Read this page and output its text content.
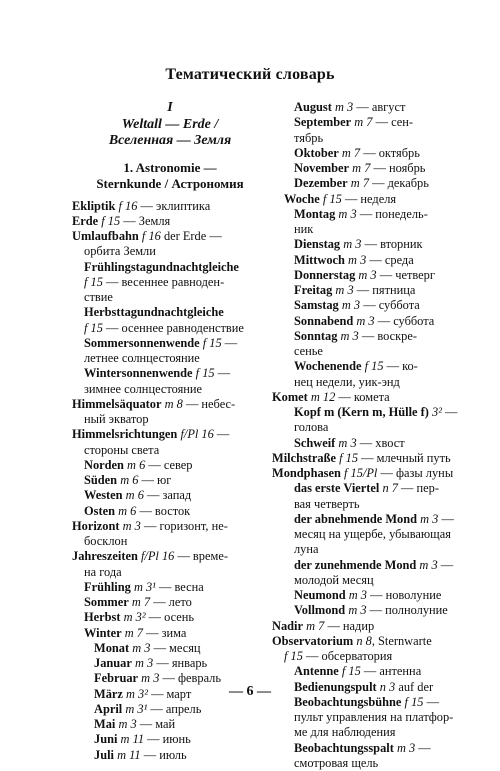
Тематический словарь
I
Weltall — Erde /
Вселенная — Земля
1. Astronomie —
Sternkunde / Астрономия
Ekliptik f 16 — эклиптика
Erde f 15 — Земля
Umlaufbahn f 16 der Erde —
орбита Земли
Frühlingstagundnachtgleiche
f 15 — весеннее равноден-
ствие
Herbsttagundnachtgleiche
f 15 — осеннее равноденствие
Sommersonnenwende f 15 —
летнее солнцестояние
Wintersonnenwende f 15 —
зимнее солнцестояние
Himmelsäquator m 8 — небес-
ный экватор
Himmelsrichtungen f/Pl 16 —
стороны света
Norden m 6 — север
Süden m 6 — юг
Westen m 6 — запад
Osten m 6 — восток
Horizont m 3 — горизонт, не-
босклон
Jahreszeiten f/Pl 16 — време-
на года
Frühling m 3¹ — весна
Sommer m 7 — лето
Herbst m 3² — осень
Winter m 7 — зима
Monat m 3 — месяц
Januar m 3 — январь
Februar m 3 — февраль
März m 3² — март
April m 3¹ — апрель
Mai m 3 — май
Juni m 11 — июнь
Juli m 11 — июль
August m 3 — август
September m 7 — сен-
тябрь
Oktober m 7 — октябрь
November m 7 — ноябрь
Dezember m 7 — декабрь
Woche f 15 — неделя
Montag m 3 — понедель-
ник
Dienstag m 3 — вторник
Mittwoch m 3 — среда
Donnerstag m 3 — четверг
Freitag m 3 — пятница
Samstag m 3 — суббота
Sonnabend m 3 — суббота
Sonntag m 3 — воскре-
сенье
Wochenende f 15 — ко-
нец недели, уик-энд
Komet m 12 — комета
Kopf m (Kern m, Hülle f) 3² —
голова
Schweif m 3 — хвост
Milchstraße f 15 — млечный путь
Mondphasen f 15/Pl — фазы луны
das erste Viertel n 7 — пер-
вая четверть
der abnehmende Mond m 3 —
месяц на ущербе, убывающая
луна
der zunehmende Mond m 3 —
молодой месяц
Neumond m 3 — новолуние
Vollmond m 3 — полнолуние
Nadir m 7 — надир
Observatorium n 8, Sternwarte
f 15 — обсерватория
Antenne f 15 — антенна
Bedienungspult n 3 auf der
Beobachtungsbühne f 15 —
пульт управления на платфор-
ме для наблюдения
Beobachtungsspalt m 3 —
смотровая щель
— 6 —
